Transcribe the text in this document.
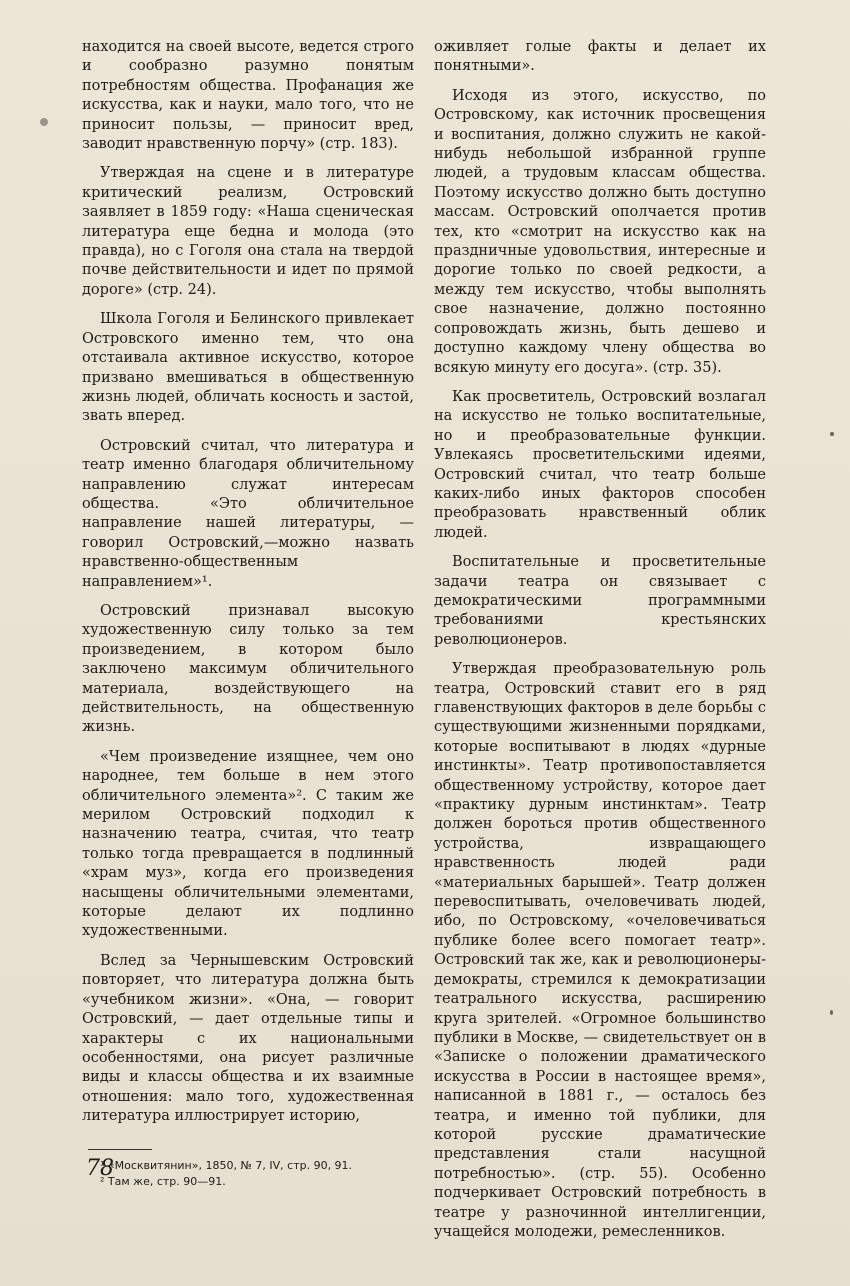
находится на своей высоте, ведется строго и сообразно разумно понятым потребностям общества. Профанация же искусства, как и науки, мало того, что не приносит пользы, — приносит вред, заводит нравственную порчу» (стр. 183).

Утверждая на сцене и в литературе критический реализм, Островский заявляет в 1859 году: «Наша сценическая литература еще бедна и молода (это правда), но с Гоголя она стала на твердой почве действительности и идет по прямой дороге» (стр. 24).

Школа Гоголя и Белинского привлекает Островского именно тем, что она отстаивала активное искусство, которое призвано вмешиваться в общественную жизнь людей, обличать косность и застой, звать вперед.

Островский считал, что литература и театр именно благодаря обличительному направлению служат интересам общества. «Это обличительное направление нашей литературы, — говорил Островский,—можно назвать нравственно-общественным направлением»¹.

Островский признавал высокую художественную силу только за тем произведением, в котором было заключено максимум обличительного материала, воздействующего на действительность, на общественную жизнь.

«Чем произведение изящнее, чем оно народнее, тем больше в нем этого обличительного элемента»². С таким же мерилом Островский подходил к назначению театра, считая, что театр только тогда превращается в подлинный «храм муз», когда его произведения насыщены обличительными элементами, которые делают их подлинно художественными.

Вслед за Чернышевским Островский повторяет, что литература должна быть «учебником жизни». «Она, — говорит Островский, — дает отдельные типы и характеры с их национальными особенностями, она рисует различные виды и классы общества и их взаимные отношения: мало того, художественная литература иллюстрирует историю,

¹ «Москвитянин», 1850, № 7, IV, стр. 90, 91.
² Там же, стр. 90—91.

оживляет голые факты и делает их понятными».

Исходя из этого, искусство, по Островскому, как источник просвещения и воспитания, должно служить не какой-нибудь небольшой избранной группе людей, а трудовым классам общества. Поэтому искусство должно быть доступно массам. Островский ополчается против тех, кто «смотрит на искусство как на праздничные удовольствия, интересные и дорогие только по своей редкости, а между тем искусство, чтобы выполнять свое назначение, должно постоянно сопровождать жизнь, быть дешево и доступно каждому члену общества во всякую минуту его досуга». (стр. 35).

Как просветитель, Островский возлагал на искусство не только воспитательные, но и преобразовательные функции. Увлекаясь просветительскими идеями, Островский считал, что театр больше каких-либо иных факторов способен преобразовать нравственный облик людей.

Воспитательные и просветительные задачи театра он связывает с демократическими программными требованиями крестьянских революционеров.

Утверждая преобразовательную роль театра, Островский ставит его в ряд главенствующих факторов в деле борьбы с существующими жизненными порядками, которые воспитывают в людях «дурные инстинкты». Театр противопоставляется общественному устройству, которое дает «практику дурным инстинктам». Театр должен бороться против общественного устройства, извращающего нравственность людей ради «материальных барышей». Театр должен перевоспитывать, очеловечивать людей, ибо, по Островскому, «очеловечиваться публике более всего помогает театр». Островский так же, как и революционеры-демократы, стремился к демократизации театрального искусства, расширению круга зрителей. «Огромное большинство публики в Москве, — свидетельствует он в «Записке о положении драматического искусства в России в настоящее время», написанной в 1881 г., — осталось без театра, и именно той публики, для которой русские драматические представления стали насущной потребностью». (стр. 55). Особенно подчеркивает Островский потребность в театре у разночинной интеллигенции, учащейся молодежи, ремесленников.

78
